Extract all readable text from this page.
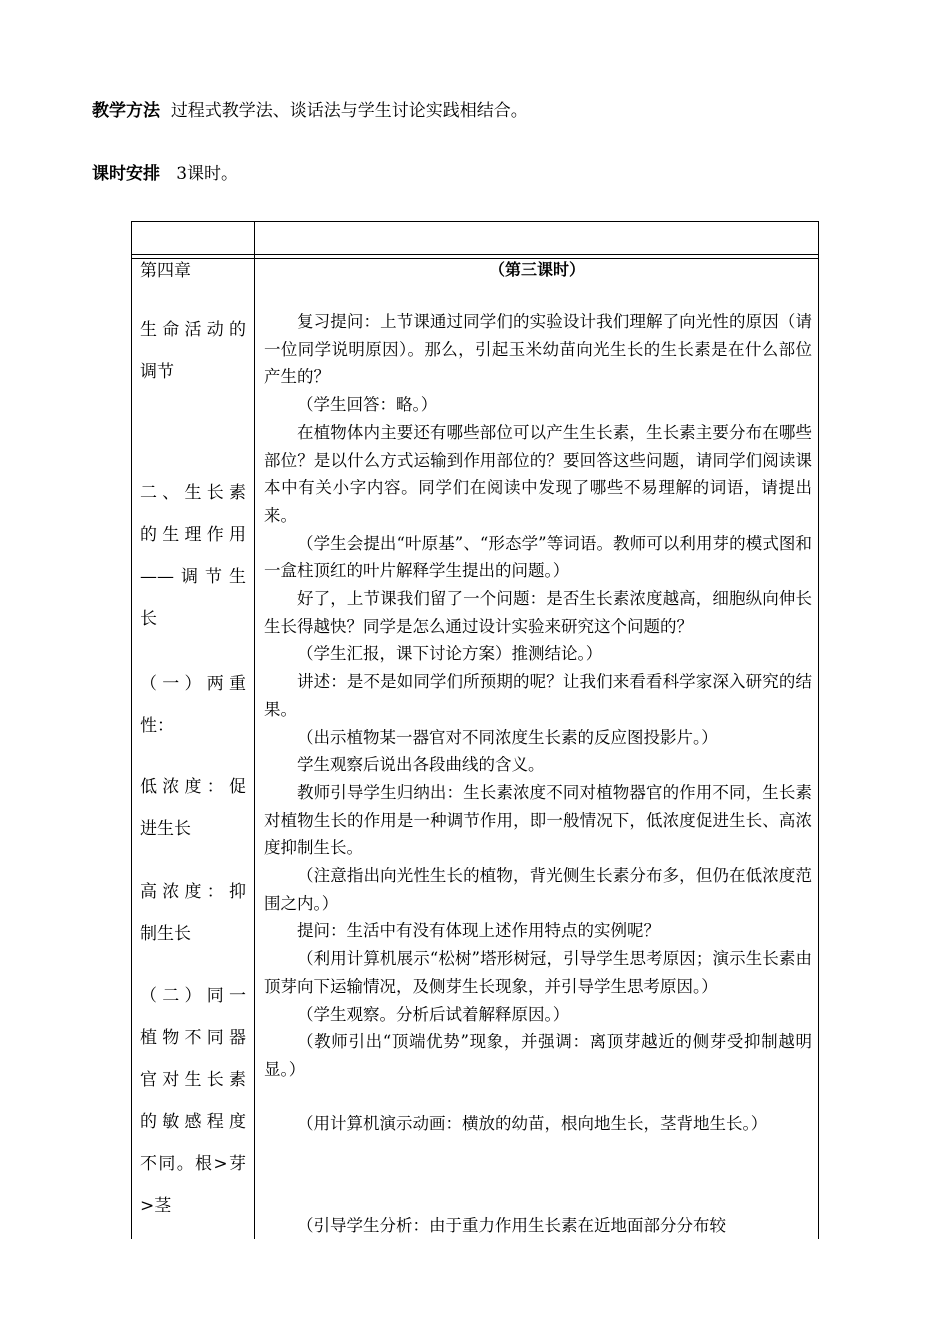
教学方法 过程式教学法、谈话法与学生讨论实践相结合。
课时安排 3课时。
第四章
生命活动的
调节
二、生长素
的生理作用
——调节生
长
（一）两重
性：
低浓度：促
进生长
高浓度：抑
制生长
（二）同一
植物不同器
官对生长素
的敏感程度
不同。根>芽
>茎
（第三课时）
复习提问：上节课通过同学们的实验设计我们理解了向光性的原因（请一位同学说明原因）。那么，引起玉米幼苗向光生长的生长素是在什么部位产生的？
（学生回答：略。）
在植物体内主要还有哪些部位可以产生生长素，生长素主要分布在哪些部位？是以什么方式运输到作用部位的？要回答这些问题，请同学们阅读课本中有关小字内容。同学们在阅读中发现了哪些不易理解的词语，请提出来。
（学生会提出“叶原基”、“形态学”等词语。教师可以利用芽的模式图和一盒柱顶红的叶片解释学生提出的问题。）
好了，上节课我们留了一个问题：是否生长素浓度越高，细胞纵向伸长生长得越快？同学是怎么通过设计实验来研究这个问题的？
（学生汇报，课下讨论方案）推测结论。）
讲述：是不是如同学们所预期的呢？让我们来看看科学家深入研究的结果。
（出示植物某一器官对不同浓度生长素的反应图投影片。）
学生观察后说出各段曲线的含义。
教师引导学生归纳出：生长素浓度不同对植物器官的作用不同，生长素对植物生长的作用是一种调节作用，即一般情况下，低浓度促进生长、高浓度抑制生长。
（注意指出向光性生长的植物，背光侧生长素分布多，但仍在低浓度范围之内。）
提问：生活中有没有体现上述作用特点的实例呢？
（利用计算机展示“松树”塔形树冠，引导学生思考原因；演示生长素由顶芽向下运输情况，及侧芽生长现象，并引导学生思考原因。）
（学生观察。分析后试着解释原因。）
（教师引出“顶端优势”现象，并强调：离顶芽越近的侧芽受抑制越明显。）
（用计算机演示动画：横放的幼苗，根向地生长，茎背地生长。）
（引导学生分析：由于重力作用生长素在近地面部分分布较
